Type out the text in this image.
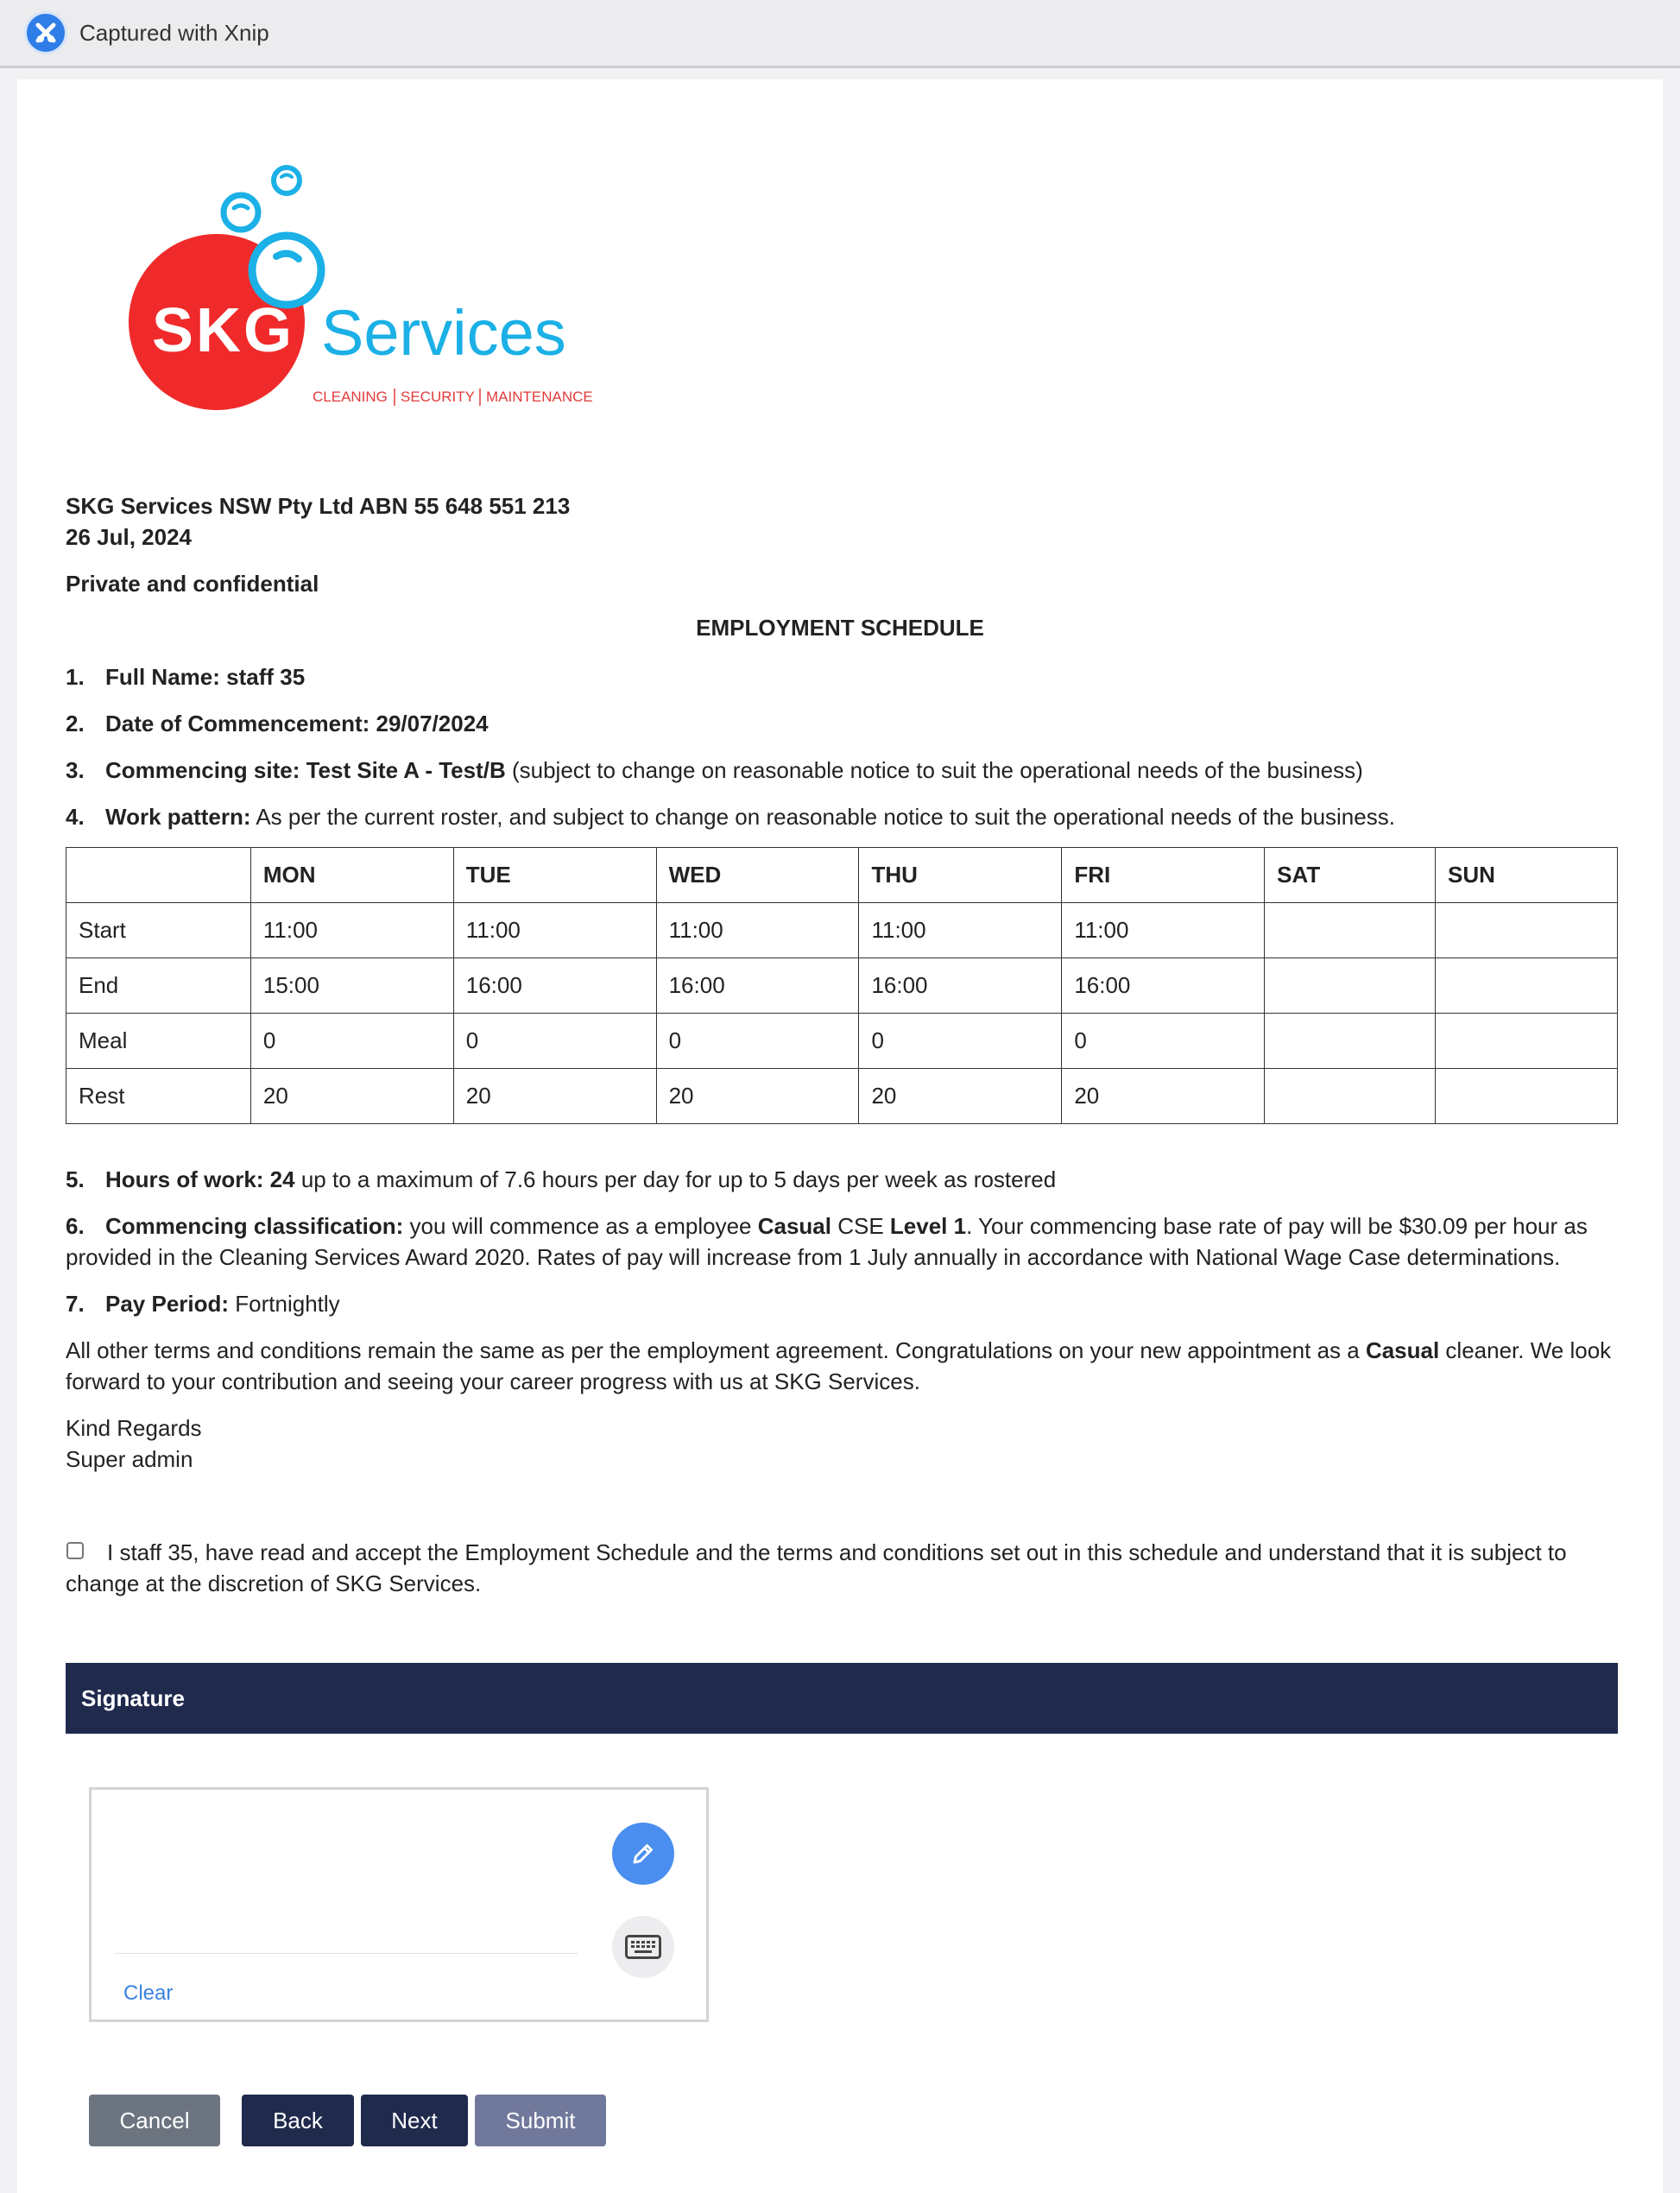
Captured with Xnip
SKG Services
CLEANING SECURITY MAINTENANCE
SKG Services NSW Pty Ltd ABN 55 648 551 213
26 Jul, 2024
Private and confidential
EMPLOYMENT SCHEDULE
1. Full Name: staff 35
2. Date of Commencement: 29/07/2024
3. Commencing site: Test Site A - Test/B (subject to change on reasonable notice to suit the operational needs of the business)
4. Work pattern: As per the current roster, and subject to change on reasonable notice to suit the operational needs of the business.
	MON	TUE	WED	THU	FRI	SAT	SUN
Start	11:00	11:00	11:00	11:00	11:00		
End	15:00	16:00	16:00	16:00	16:00		
Meal	0	0	0	0	0		
Rest	20	20	20	20	20		
5. Hours of work: 24 up to a maximum of 7.6 hours per day for up to 5 days per week as rostered
6. Commencing classification: you will commence as a employee Casual CSE Level 1. Your commencing base rate of pay will be $30.09 per hour as provided in the Cleaning Services Award 2020. Rates of pay will increase from 1 July annually in accordance with National Wage Case determinations.
7. Pay Period: Fortnightly
All other terms and conditions remain the same as per the employment agreement. Congratulations on your new appointment as a Casual cleaner. We look forward to your contribution and seeing your career progress with us at SKG Services.
Kind Regards
Super admin
I staff 35, have read and accept the Employment Schedule and the terms and conditions set out in this schedule and understand that it is subject to change at the discretion of SKG Services.
Signature
Clear
Cancel	Back	Next	Submit
